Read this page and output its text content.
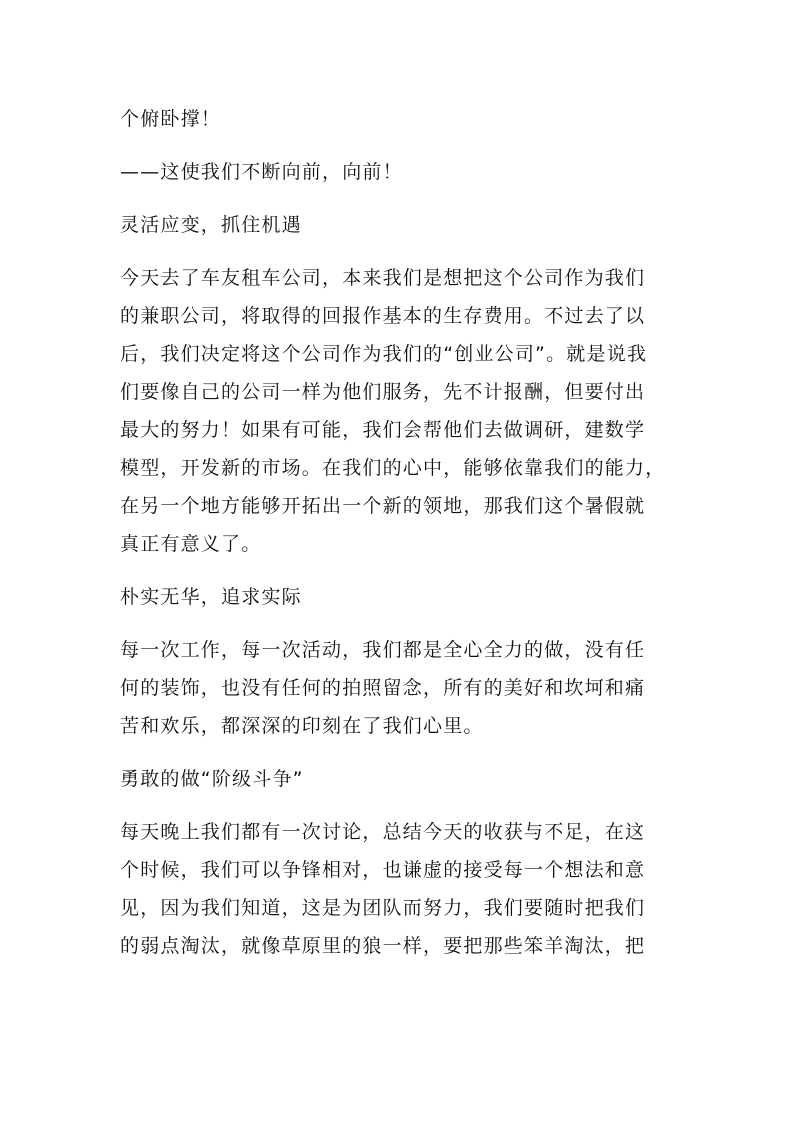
个俯卧撑！
——这使我们不断向前，向前！
灵活应变，抓住机遇
今天去了车友租车公司，本来我们是想把这个公司作为我们
的兼职公司，将取得的回报作基本的生存费用。不过去了以
后，我们决定将这个公司作为我们的“创业公司”。就是说我
们要像自己的公司一样为他们服务，先不计报酬，但要付出
最大的努力！如果有可能，我们会帮他们去做调研，建数学
模型，开发新的市场。在我们的心中，能够依靠我们的能力，
在另一个地方能够开拓出一个新的领地，那我们这个暑假就
真正有意义了。
朴实无华，追求实际
每一次工作，每一次活动，我们都是全心全力的做，没有任
何的装饰，也没有任何的拍照留念，所有的美好和坎坷和痛
苦和欢乐，都深深的印刻在了我们心里。
勇敢的做“阶级斗争”
每天晚上我们都有一次讨论，总结今天的收获与不足，在这
个时候，我们可以争锋相对，也谦虚的接受每一个想法和意
见，因为我们知道，这是为团队而努力，我们要随时把我们
的弱点淘汰，就像草原里的狼一样，要把那些笨羊淘汰，把
